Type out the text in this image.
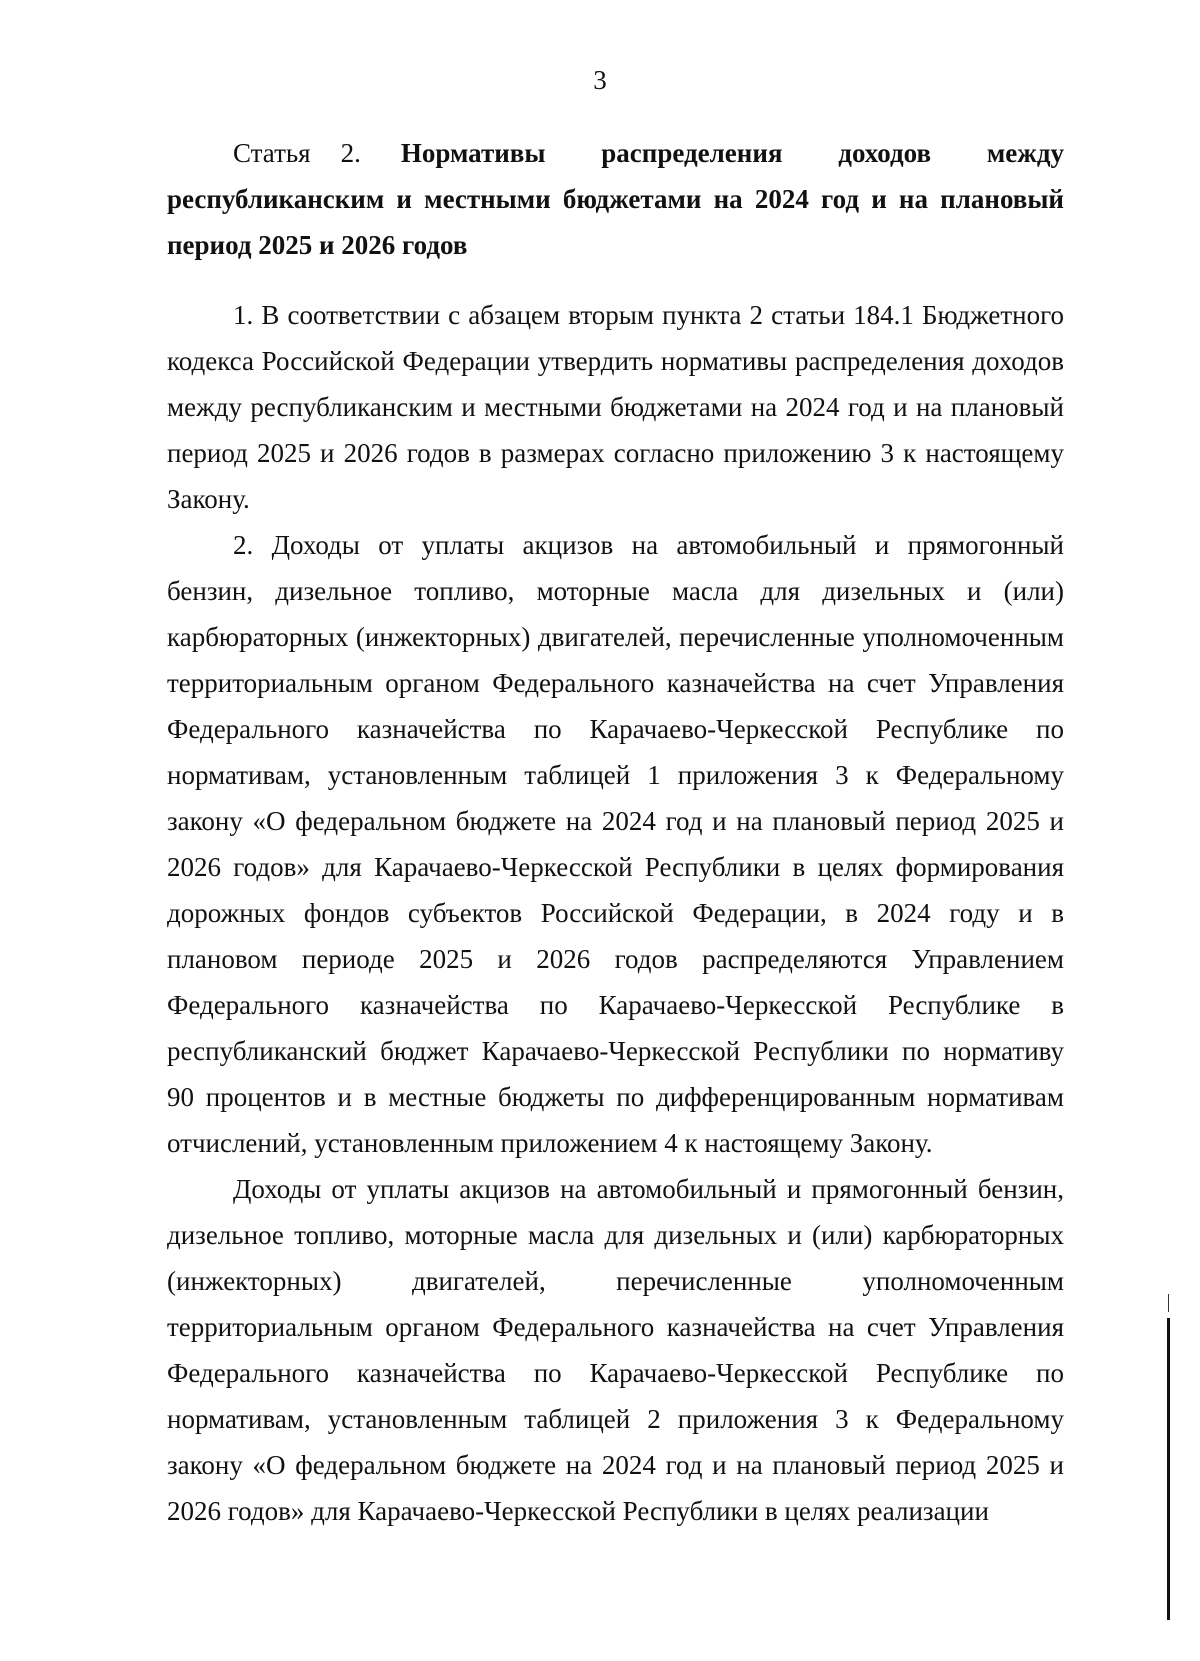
3

Статья 2. Нормативы распределения доходов между республиканским и местными бюджетами на 2024 год и на плановый период 2025 и 2026 годов

1. В соответствии с абзацем вторым пункта 2 статьи 184.1 Бюджетного кодекса Российской Федерации утвердить нормативы распределения доходов между республиканским и местными бюджетами на 2024 год и на плановый период 2025 и 2026 годов в размерах согласно приложению 3 к настоящему Закону.

2. Доходы от уплаты акцизов на автомобильный и прямогонный бензин, дизельное топливо, моторные масла для дизельных и (или) карбюраторных (инжекторных) двигателей, перечисленные уполномоченным территориальным органом Федерального казначейства на счет Управления Федерального казначейства по Карачаево-Черкесской Республике по нормативам, установленным таблицей 1 приложения 3 к Федеральному закону «О федеральном бюджете на 2024 год и на плановый период 2025 и 2026 годов» для Карачаево-Черкесской Республики в целях формирования дорожных фондов субъектов Российской Федерации, в 2024 году и в плановом периоде 2025 и 2026 годов распределяются Управлением Федерального казначейства по Карачаево-Черкесской Республике в республиканский бюджет Карачаево-Черкесской Республики по нормативу 90 процентов и в местные бюджеты по дифференцированным нормативам отчислений, установленным приложением 4 к настоящему Закону.

Доходы от уплаты акцизов на автомобильный и прямогонный бензин, дизельное топливо, моторные масла для дизельных и (или) карбюраторных (инжекторных) двигателей, перечисленные уполномоченным территориальным органом Федерального казначейства на счет Управления Федерального казначейства по Карачаево-Черкесской Республике по нормативам, установленным таблицей 2 приложения 3 к Федеральному закону «О федеральном бюджете на 2024 год и на плановый период 2025 и 2026 годов» для Карачаево-Черкесской Республики в целях реализации
